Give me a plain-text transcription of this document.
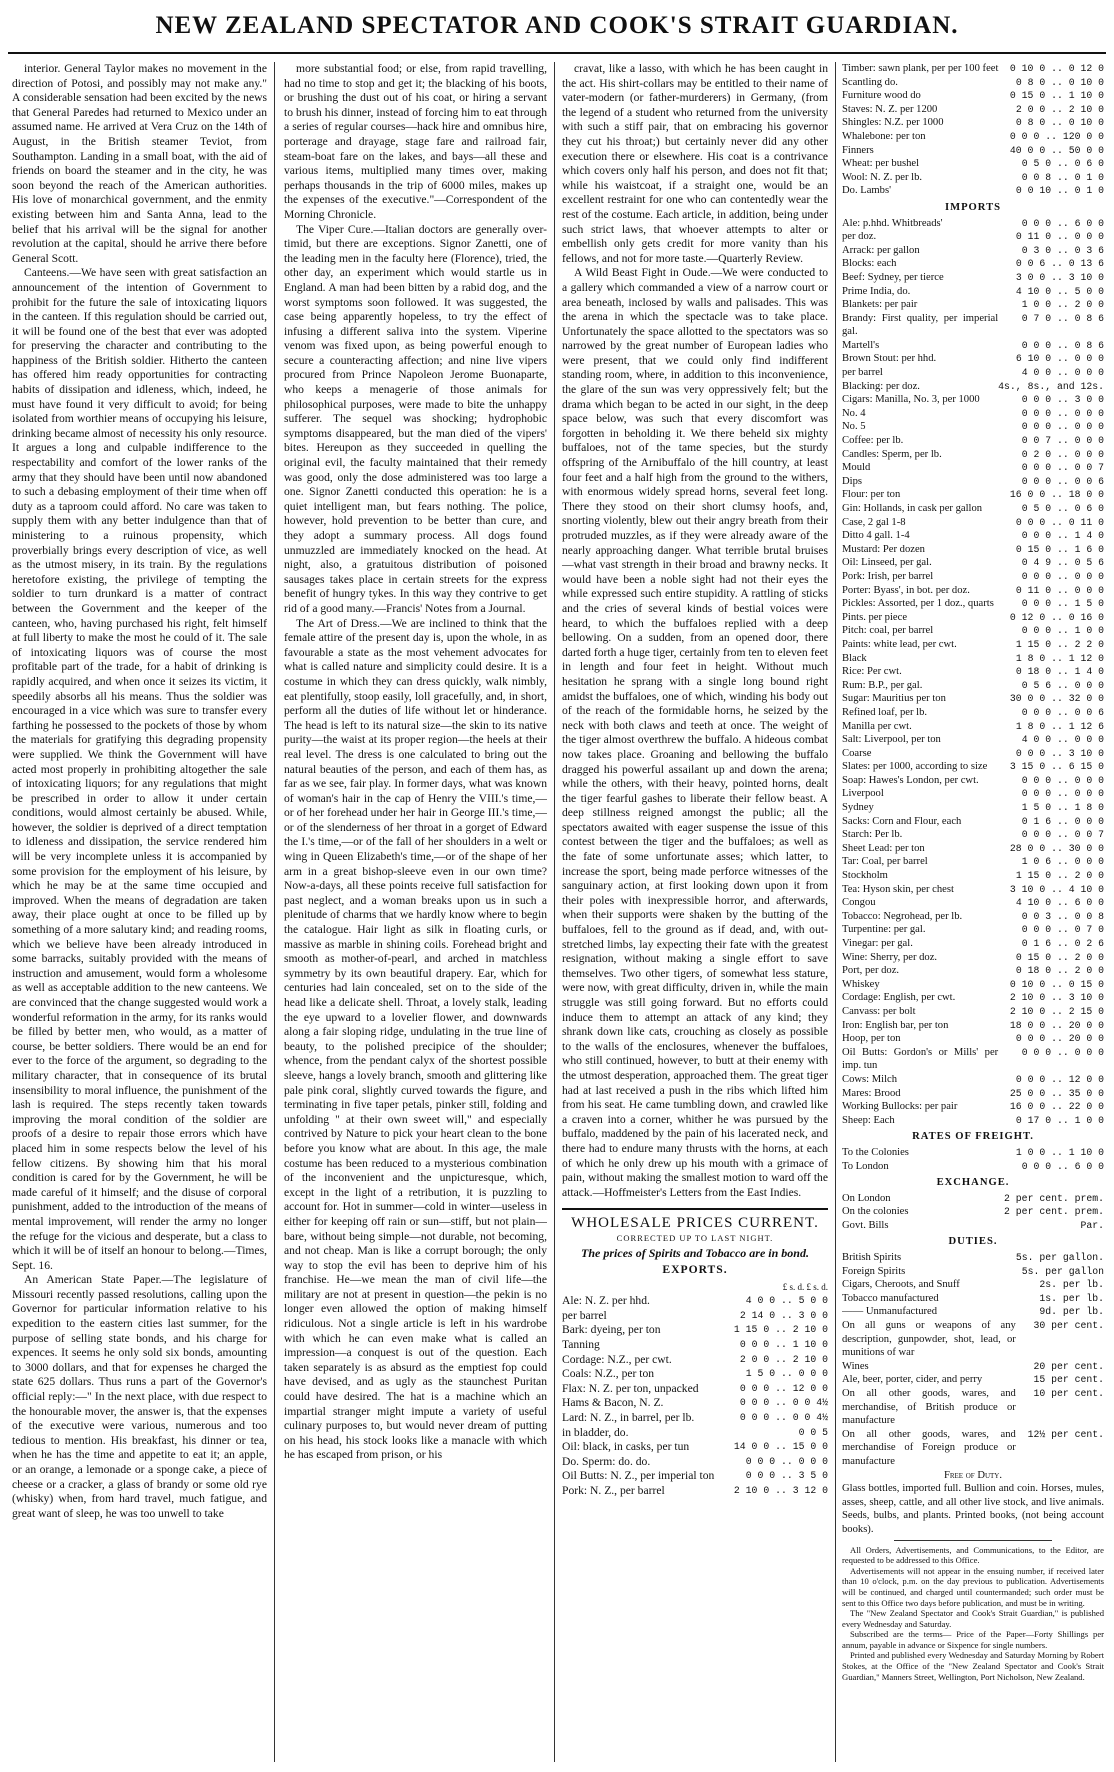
NEW ZEALAND SPECTATOR AND COOK'S STRAIT GUARDIAN.

interior. General Taylor makes no movement in the direction of Potosi, and possibly may not make any." A considerable sensation had been excited by the news that General Paredes had returned to Mexico under an assumed name. He arrived at Vera Cruz on the 14th of August, in the British steamer Teviot, from Southampton. Landing in a small boat, with the aid of friends on board the steamer and in the city, he was soon beyond the reach of the American authorities. His love of monarchical government, and the enmity existing between him and Santa Anna, lead to the belief that his arrival will be the signal for another revolution at the capital, should he arrive there before General Scott.

Canteens.—We have seen with great satisfaction an announcement of the intention of Government to prohibit for the future the sale of intoxicating liquors in the canteen. If this regulation should be carried out, it will be found one of the best that ever was adopted for preserving the character and contributing to the happiness of the British soldier. Hitherto the canteen has offered him ready opportunities for contracting habits of dissipation and idleness, which, indeed, he must have found it very difficult to avoid; for being isolated from worthier means of occupying his leisure, drinking became almost of necessity his only resource. It argues a long and culpable indifference to the respectability and comfort of the lower ranks of the army that they should have been until now abandoned to such a debasing employment of their time when off duty as a taproom could afford. No care was taken to supply them with any better indulgence than that of ministering to a ruinous propensity, which proverbially brings every description of vice, as well as the utmost misery, in its train. By the regulations heretofore existing, the privilege of tempting the soldier to turn drunkard is a matter of contract between the Government and the keeper of the canteen, who, having purchased his right, felt himself at full liberty to make the most he could of it. The sale of intoxicating liquors was of course the most profitable part of the trade, for a habit of drinking is rapidly acquired, and when once it seizes its victim, it speedily absorbs all his means. Thus the soldier was encouraged in a vice which was sure to transfer every farthing he possessed to the pockets of those by whom the materials for gratifying this degrading propensity were supplied. We think the Government will have acted most properly in prohibiting altogether the sale of intoxicating liquors; for any regulations that might be prescribed in order to allow it under certain conditions, would almost certainly be abused. While, however, the soldier is deprived of a direct temptation to idleness and dissipation, the service rendered him will be very incomplete unless it is accompanied by some provision for the employment of his leisure, by which he may be at the same time occupied and improved. When the means of degradation are taken away, their place ought at once to be filled up by something of a more salutary kind; and reading rooms, which we believe have been already introduced in some barracks, suitably provided with the means of instruction and amusement, would form a wholesome as well as acceptable addition to the new canteens. We are convinced that the change suggested would work a wonderful reformation in the army, for its ranks would be filled by better men, who would, as a matter of course, be better soldiers. There would be an end for ever to the force of the argument, so degrading to the military character, that in consequence of its brutal insensibility to moral influence, the punishment of the lash is required. The steps recently taken towards improving the moral condition of the soldier are proofs of a desire to repair those errors which have placed him in some respects below the level of his fellow citizens. By showing him that his moral condition is cared for by the Government, he will be made careful of it himself; and the disuse of corporal punishment, added to the introduction of the means of mental improvement, will render the army no longer the refuge for the vicious and desperate, but a class to which it will be of itself an honour to belong.—Times, Sept. 16.

An American State Paper.—The legislature of Missouri recently passed resolutions, calling upon the Governor for particular information relative to his expedition to the eastern cities last summer, for the purpose of selling state bonds, and his charge for expences. It seems he only sold six bonds, amounting to 3000 dollars, and that for expenses he charged the state 625 dollars. Thus runs a part of the Governor's official reply:—" In the next place, with due respect to the honourable mover, the answer is, that the expenses of the executive were various, numerous and too tedious to mention. His breakfast, his dinner or tea, when he has the time and appetite to eat it; an apple, or an orange, a lemonade or a sponge cake, a piece of cheese or a cracker, a glass of brandy or some old rye (whisky) when, from hard travel, much fatigue, and great want of sleep, he was too unwell to take

more substantial food; or else, from rapid travelling, had no time to stop and get it; the blacking of his boots, or brushing the dust out of his coat, or hiring a servant to brush his dinner, instead of forcing him to eat through a series of regular courses—hack hire and omnibus hire, porterage and drayage, stage fare and railroad fair, steam-boat fare on the lakes, and bays—all these and various items, multiplied many times over, making perhaps thousands in the trip of 6000 miles, makes up the expenses of the executive."—Correspondent of the Morning Chronicle.

The Viper Cure.—Italian doctors are generally over-timid, but there are exceptions. Signor Zanetti, one of the leading men in the faculty here (Florence), tried, the other day, an experiment which would startle us in England. A man had been bitten by a rabid dog, and the worst symptoms soon followed. It was suggested, the case being apparently hopeless, to try the effect of infusing a different saliva into the system. Viperine venom was fixed upon, as being powerful enough to secure a counteracting affection; and nine live vipers procured from Prince Napoleon Jerome Buonaparte, who keeps a menagerie of those animals for philosophical purposes, were made to bite the unhappy sufferer. The sequel was shocking; hydrophobic symptoms disappeared, but the man died of the vipers' bites. Hereupon as they succeeded in quelling the original evil, the faculty maintained that their remedy was good, only the dose administered was too large a one. Signor Zanetti conducted this operation: he is a quiet intelligent man, but fears nothing. The police, however, hold prevention to be better than cure, and they adopt a summary process. All dogs found unmuzzled are immediately knocked on the head. At night, also, a gratuitous distribution of poisoned sausages takes place in certain streets for the express benefit of hungry tykes. In this way they contrive to get rid of a good many.—Francis' Notes from a Journal.

The Art of Dress.—We are inclined to think that the female attire of the present day is, upon the whole, in as favourable a state as the most vehement advocates for what is called nature and simplicity could desire. It is a costume in which they can dress quickly, walk nimbly, eat plentifully, stoop easily, loll gracefully, and, in short, perform all the duties of life without let or hinderance. The head is left to its natural size—the skin to its native purity—the waist at its proper region—the heels at their real level. The dress is one calculated to bring out the natural beauties of the person, and each of them has, as far as we see, fair play. In former days, what was known of woman's hair in the cap of Henry the VIII.'s time,—or of her forehead under her hair in George III.'s time,—or of the slenderness of her throat in a gorget of Edward the I.'s time,—or of the fall of her shoulders in a welt or wing in Queen Elizabeth's time,—or of the shape of her arm in a great bishop-sleeve even in our own time? Now-a-days, all these points receive full satisfaction for past neglect, and a woman breaks upon us in such a plenitude of charms that we hardly know where to begin the catalogue. Hair light as silk in floating curls, or massive as marble in shining coils. Forehead bright and smooth as mother-of-pearl, and arched in matchless symmetry by its own beautiful drapery. Ear, which for centuries had lain concealed, set on to the side of the head like a delicate shell. Throat, a lovely stalk, leading the eye upward to a lovelier flower, and downwards along a fair sloping ridge, undulating in the true line of beauty, to the polished precipice of the shoulder; whence, from the pendant calyx of the shortest possible sleeve, hangs a lovely branch, smooth and glittering like pale pink coral, slightly curved towards the figure, and terminating in five taper petals, pinker still, folding and unfolding " at their own sweet will," and especially contrived by Nature to pick your heart clean to the bone before you know what are about. In this age, the male costume has been reduced to a mysterious combination of the inconvenient and the unpicturesque, which, except in the light of a retribution, it is puzzling to account for. Hot in summer—cold in winter—useless in either for keeping off rain or sun—stiff, but not plain—bare, without being simple—not durable, not becoming, and not cheap. Man is like a corrupt borough; the only way to stop the evil has been to deprive him of his franchise. He—we mean the man of civil life—the military are not at present in question—the pekin is no longer even allowed the option of making himself ridiculous. Not a single article is left in his wardrobe with which he can even make what is called an impression—a conquest is out of the question. Each taken separately is as absurd as the emptiest fop could have devised, and as ugly as the staunchest Puritan could have desired. The hat is a machine which an impartial stranger might impute a variety of useful culinary purposes to, but would never dream of putting on his head, his stock looks like a manacle with which he has escaped from prison, or his

cravat, like a lasso, with which he has been caught in the act. His shirt-collars may be entitled to their name of vater-modern (or father-murderers) in Germany, (from the legend of a student who returned from the university with such a stiff pair, that on embracing his governor they cut his throat;) but certainly never did any other execution there or elsewhere. His coat is a contrivance which covers only half his person, and does not fit that; while his waistcoat, if a straight one, would be an excellent restraint for one who can contentedly wear the rest of the costume. Each article, in addition, being under such strict laws, that whoever attempts to alter or embellish only gets credit for more vanity than his fellows, and not for more taste.—Quarterly Review.

A Wild Beast Fight in Oude.—We were conducted to a gallery which commanded a view of a narrow court or area beneath, inclosed by walls and palisades. This was the arena in which the spectacle was to take place. Unfortunately the space allotted to the spectators was so narrowed by the great number of European ladies who were present, that we could only find indifferent standing room, where, in addition to this inconvenience, the glare of the sun was very oppressively felt; but the drama which began to be acted in our sight, in the deep space below, was such that every discomfort was forgotten in beholding it. We there beheld six mighty buffaloes, not of the tame species, but the sturdy offspring of the Arnibuffalo of the hill country, at least four feet and a half high from the ground to the withers, with enormous widely spread horns, several feet long. There they stood on their short clumsy hoofs, and, snorting violently, blew out their angry breath from their protruded muzzles, as if they were already aware of the nearly approaching danger. What terrible brutal bruises—what vast strength in their broad and brawny necks. It would have been a noble sight had not their eyes the while expressed such entire stupidity. A rattling of sticks and the cries of several kinds of bestial voices were heard, to which the buffaloes replied with a deep bellowing. On a sudden, from an opened door, there darted forth a huge tiger, certainly from ten to eleven feet in length and four feet in height. Without much hesitation he sprang with a single long bound right amidst the buffaloes, one of which, winding his body out of the reach of the formidable horns, he seized by the neck with both claws and teeth at once. The weight of the tiger almost overthrew the buffalo. A hideous combat now takes place. Groaning and bellowing the buffalo dragged his powerful assailant up and down the arena; while the others, with their heavy, pointed horns, dealt the tiger fearful gashes to liberate their fellow beast. A deep stillness reigned amongst the public; all the spectators awaited with eager suspense the issue of this contest between the tiger and the buffaloes; as well as the fate of some unfortunate asses; which latter, to increase the sport, being made perforce witnesses of the sanguinary action, at first looking down upon it from their poles with inexpressible horror, and afterwards, when their supports were shaken by the butting of the buffaloes, fell to the ground as if dead, and, with out-stretched limbs, lay expecting their fate with the greatest resignation, without making a single effort to save themselves. Two other tigers, of somewhat less stature, were now, with great difficulty, driven in, while the main struggle was still going forward. But no efforts could induce them to attempt an attack of any kind; they shrank down like cats, crouching as closely as possible to the walls of the enclosures, whenever the buffaloes, who still continued, however, to butt at their enemy with the utmost desperation, approached them. The great tiger had at last received a push in the ribs which lifted him from his seat. He came tumbling down, and crawled like a craven into a corner, whither he was pursued by the buffalo, maddened by the pain of his lacerated neck, and there had to endure many thrusts with the horns, at each of which he only drew up his mouth with a grimace of pain, without making the smallest motion to ward off the attack.—Hoffmeister's Letters from the East Indies.

WHOLESALE PRICES CURRENT.
CORRECTED UP TO LAST NIGHT.
The prices of Spirits and Tobacco are in bond.
EXPORTS.
£ s. d. £ s. d.
Ale: N. Z. per hhd.	4 0 0 .. 5 0 0
per barrel	2 14 0 .. 3 0 0
Bark: dyeing, per ton	1 15 0 .. 2 10 0
Tanning	0 0 0 .. 1 10 0
Cordage: N.Z., per cwt.	2 0 0 .. 2 10 0
Coals: N.Z., per ton	1 5 0 .. 0 0 0
Flax: N. Z. per ton, unpacked	0 0 0 .. 12 0 0
Hams & Bacon, N. Z.	0 0 0 .. 0 0 4½
Lard: N. Z., in barrel, per lb.	0 0 0 .. 0 0 4½
in bladder, do.	0 0 5
Oil: black, in casks, per tun	14 0 0 .. 15 0 0
Do. Sperm: do. do.	0 0 0 .. 0 0 0
Oil Butts: N. Z., per imperial ton	0 0 0 .. 3 5 0
Pork: N. Z., per barrel	2 10 0 .. 3 12 0
Timber: sawn plank, per per 100 feet	0 10 0 .. 0 12 0
Scantling do.	0 8 0 .. 0 10 0
Furniture wood do	0 15 0 .. 1 10 0
Staves: N. Z. per 1200	2 0 0 .. 2 10 0
Shingles: N.Z. per 1000	0 8 0 .. 0 10 0
Whalebone: per ton	0 0 0 .. 120 0 0
Finners	40 0 0 .. 50 0 0
Wheat: per bushel	0 5 0 .. 0 6 0
Wool: N. Z. per lb.	0 0 8 .. 0 1 0
Do. Lambs'	0 0 10 .. 0 1 0
IMPORTS
Ale: p.hhd. Whitbreads'	0 0 0 .. 6 0 0
per doz.	0 11 0 .. 0 0 0
Arrack: per gallon	0 3 0 .. 0 3 6
Blocks: each	0 0 6 .. 0 13 6
Beef: Sydney, per tierce	3 0 0 .. 3 10 0
Prime India, do.	4 10 0 .. 5 0 0
Blankets: per pair	1 0 0 .. 2 0 0
Brandy: First quality, per imperial gal.	0 7 0 .. 0 8 6
Martell's	0 0 0 .. 0 8 6
Brown Stout: per hhd.	6 10 0 .. 0 0 0
per barrel	4 0 0 .. 0 0 0
Blacking: per doz.	4s., 8s., and 12s.
Cigars: Manilla, No. 3, per 1000	0 0 0 .. 3 0 0
No. 4	0 0 0 .. 0 0 0
No. 5	0 0 0 .. 0 0 0
Coffee: per lb.	0 0 7 .. 0 0 0
Candles: Sperm, per lb.	0 2 0 .. 0 0 0
Mould	0 0 0 .. 0 0 7
Dips	0 0 0 .. 0 0 6
Flour: per ton	16 0 0 .. 18 0 0
Gin: Hollands, in cask per gallon	0 5 0 .. 0 6 0
Case, 2 gal 1-8	0 0 0 .. 0 11 0
Ditto 4 gall. 1-4	0 0 0 .. 1 4 0
Mustard: Per dozen	0 15 0 .. 1 6 0
Oil: Linseed, per gal.	0 4 9 .. 0 5 6
Pork: Irish, per barrel	0 0 0 .. 0 0 0
Porter: Byass', in bot. per doz.	0 11 0 .. 0 0 0
Pickles: Assorted, per 1 doz., quarts	0 0 0 .. 1 5 0
Pints. per piece	0 12 0 .. 0 16 0
Pitch: coal, per barrel	0 0 0 .. 1 0 0
Paints: white lead, per cwt.	1 15 0 .. 2 2 0
Black	1 8 0 .. 1 12 0
Rice: Per cwt.	0 18 0 .. 1 4 0
Rum: B.P., per gal.	0 5 6 .. 0 0 0
Sugar: Mauritius per ton	30 0 0 .. 32 0 0
Refined loaf, per lb.	0 0 0 .. 0 0 6
Manilla per cwt.	1 8 0 .. 1 12 6
Salt: Liverpool, per ton	4 0 0 .. 0 0 0
Coarse	0 0 0 .. 3 10 0
Slates: per 1000, according to size	3 15 0 .. 6 15 0
Soap: Hawes's London, per cwt.	0 0 0 .. 0 0 0
Liverpool	0 0 0 .. 0 0 0
Sydney	1 5 0 .. 1 8 0
Sacks: Corn and Flour, each	0 1 6 .. 0 0 0
Starch: Per lb.	0 0 0 .. 0 0 7
Sheet Lead: per ton	28 0 0 .. 30 0 0
Tar: Coal, per barrel	1 0 6 .. 0 0 0
Stockholm	1 15 0 .. 2 0 0
Tea: Hyson skin, per chest	3 10 0 .. 4 10 0
Congou	4 10 0 .. 6 0 0
Tobacco: Negrohead, per lb.	0 0 3 .. 0 0 8
Turpentine: per gal.	0 0 0 .. 0 7 0
Vinegar: per gal.	0 1 6 .. 0 2 6
Wine: Sherry, per doz.	0 15 0 .. 2 0 0
Port, per doz.	0 18 0 .. 2 0 0
Whiskey	0 10 0 .. 0 15 0
Cordage: English, per cwt.	2 10 0 .. 3 10 0
Canvass: per bolt	2 10 0 .. 2 15 0
Iron: English bar, per ton	18 0 0 .. 20 0 0
Hoop, per ton	0 0 0 .. 20 0 0
Oil Butts: Gordon's or Mills' per imp. tun	0 0 0 .. 0 0 0
Cows: Milch	0 0 0 .. 12 0 0
Mares: Brood	25 0 0 .. 35 0 0
Working Bullocks: per pair	16 0 0 .. 22 0 0
Sheep: Each	0 17 0 .. 1 0 0
RATES OF FREIGHT.
To the Colonies	1 0 0 .. 1 10 0
To London	0 0 0 .. 6 0 0
EXCHANGE.
On London	2 per cent. prem.
On the colonies	2 per cent. prem.
Govt. Bills	Par.
DUTIES.
British Spirits	5s. per gallon.
Foreign Spirits	5s. per gallon
Cigars, Cheroots, and Snuff	2s. per lb.
Tobacco manufactured	1s. per lb.
—— Unmanufactured	9d. per lb.
On all guns or weapons of any description, gunpowder, shot, lead, or munitions of war	30 per cent.
Wines	20 per cent.
Ale, beer, porter, cider, and perry	15 per cent.
On all other goods, wares, and merchandise, of British produce or manufacture	10 per cent.
On all other goods, wares, and merchandise of Foreign produce or manufacture	12½ per cent.
Free of Duty.
Glass bottles, imported full. Bullion and coin. Horses, mules, asses, sheep, cattle, and all other live stock, and live animals. Seeds, bulbs, and plants. Printed books, (not being account books).

All Orders, Advertisements, and Communications, to the Editor, are requested to be addressed to this Office.

Advertisements will not appear in the ensuing number, if received later than 10 o'clock, p.m. on the day previous to publication. Advertisements will be continued, and charged until countermanded; such order must be sent to this Office two days before publication, and must be in writing.

The "New Zealand Spectator and Cook's Strait Guardian," is published every Wednesday and Saturday.

Subscribed are the terms— Price of the Paper—Forty Shillings per annum, payable in advance or Sixpence for single numbers.

Printed and published every Wednesday and Saturday Morning by Robert Stokes, at the Office of the "New Zealand Spectator and Cook's Strait Guardian," Manners Street, Wellington, Port Nicholson, New Zealand.
